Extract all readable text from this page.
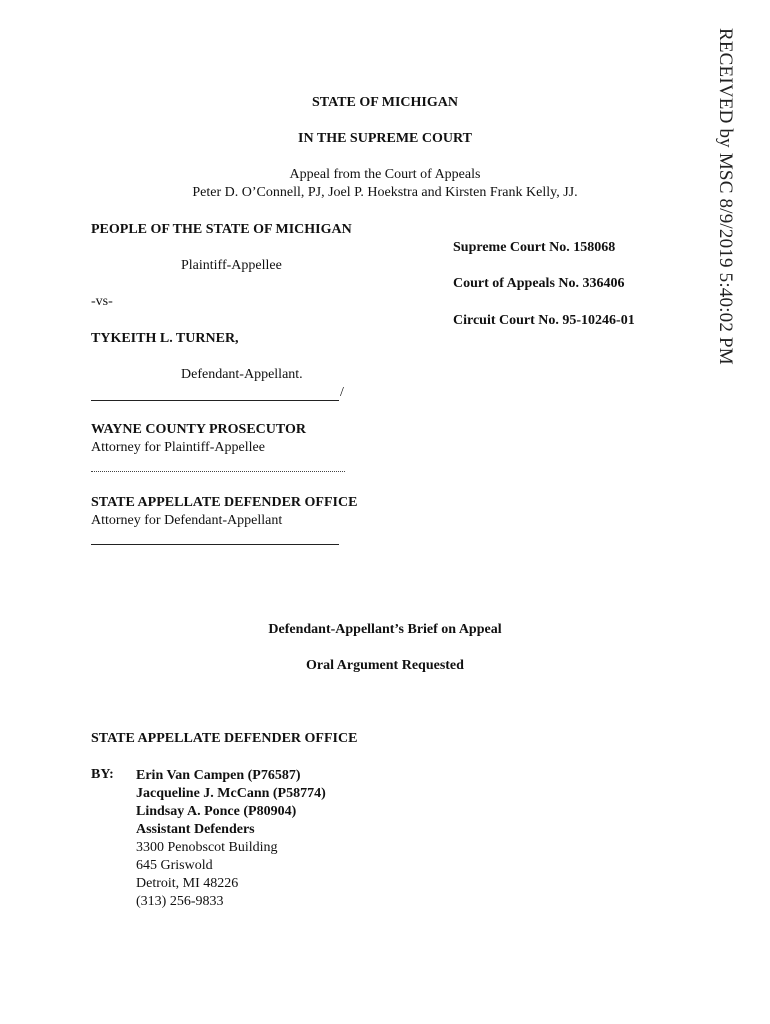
RECEIVED by MSC 8/9/2019 5:40:02 PM
STATE OF MICHIGAN
IN THE SUPREME COURT
Appeal from the Court of Appeals
Peter D. O’Connell, PJ, Joel P. Hoekstra and Kirsten Frank Kelly, JJ.
PEOPLE OF THE STATE OF MICHIGAN
Plaintiff-Appellee
-vs-
TYKEITH L. TURNER,
Defendant-Appellant.
/
Supreme Court No. 158068
Court of Appeals No. 336406
Circuit Court No. 95-10246-01
WAYNE COUNTY PROSECUTOR
Attorney for Plaintiff-Appellee
STATE APPELLATE DEFENDER OFFICE
Attorney for Defendant-Appellant
Defendant-Appellant’s Brief on Appeal
Oral Argument Requested
STATE APPELLATE DEFENDER OFFICE
BY: Erin Van Campen (P76587)
Jacqueline J. McCann (P58774)
Lindsay A. Ponce (P80904)
Assistant Defenders
3300 Penobscot Building
645 Griswold
Detroit, MI 48226
(313) 256-9833
